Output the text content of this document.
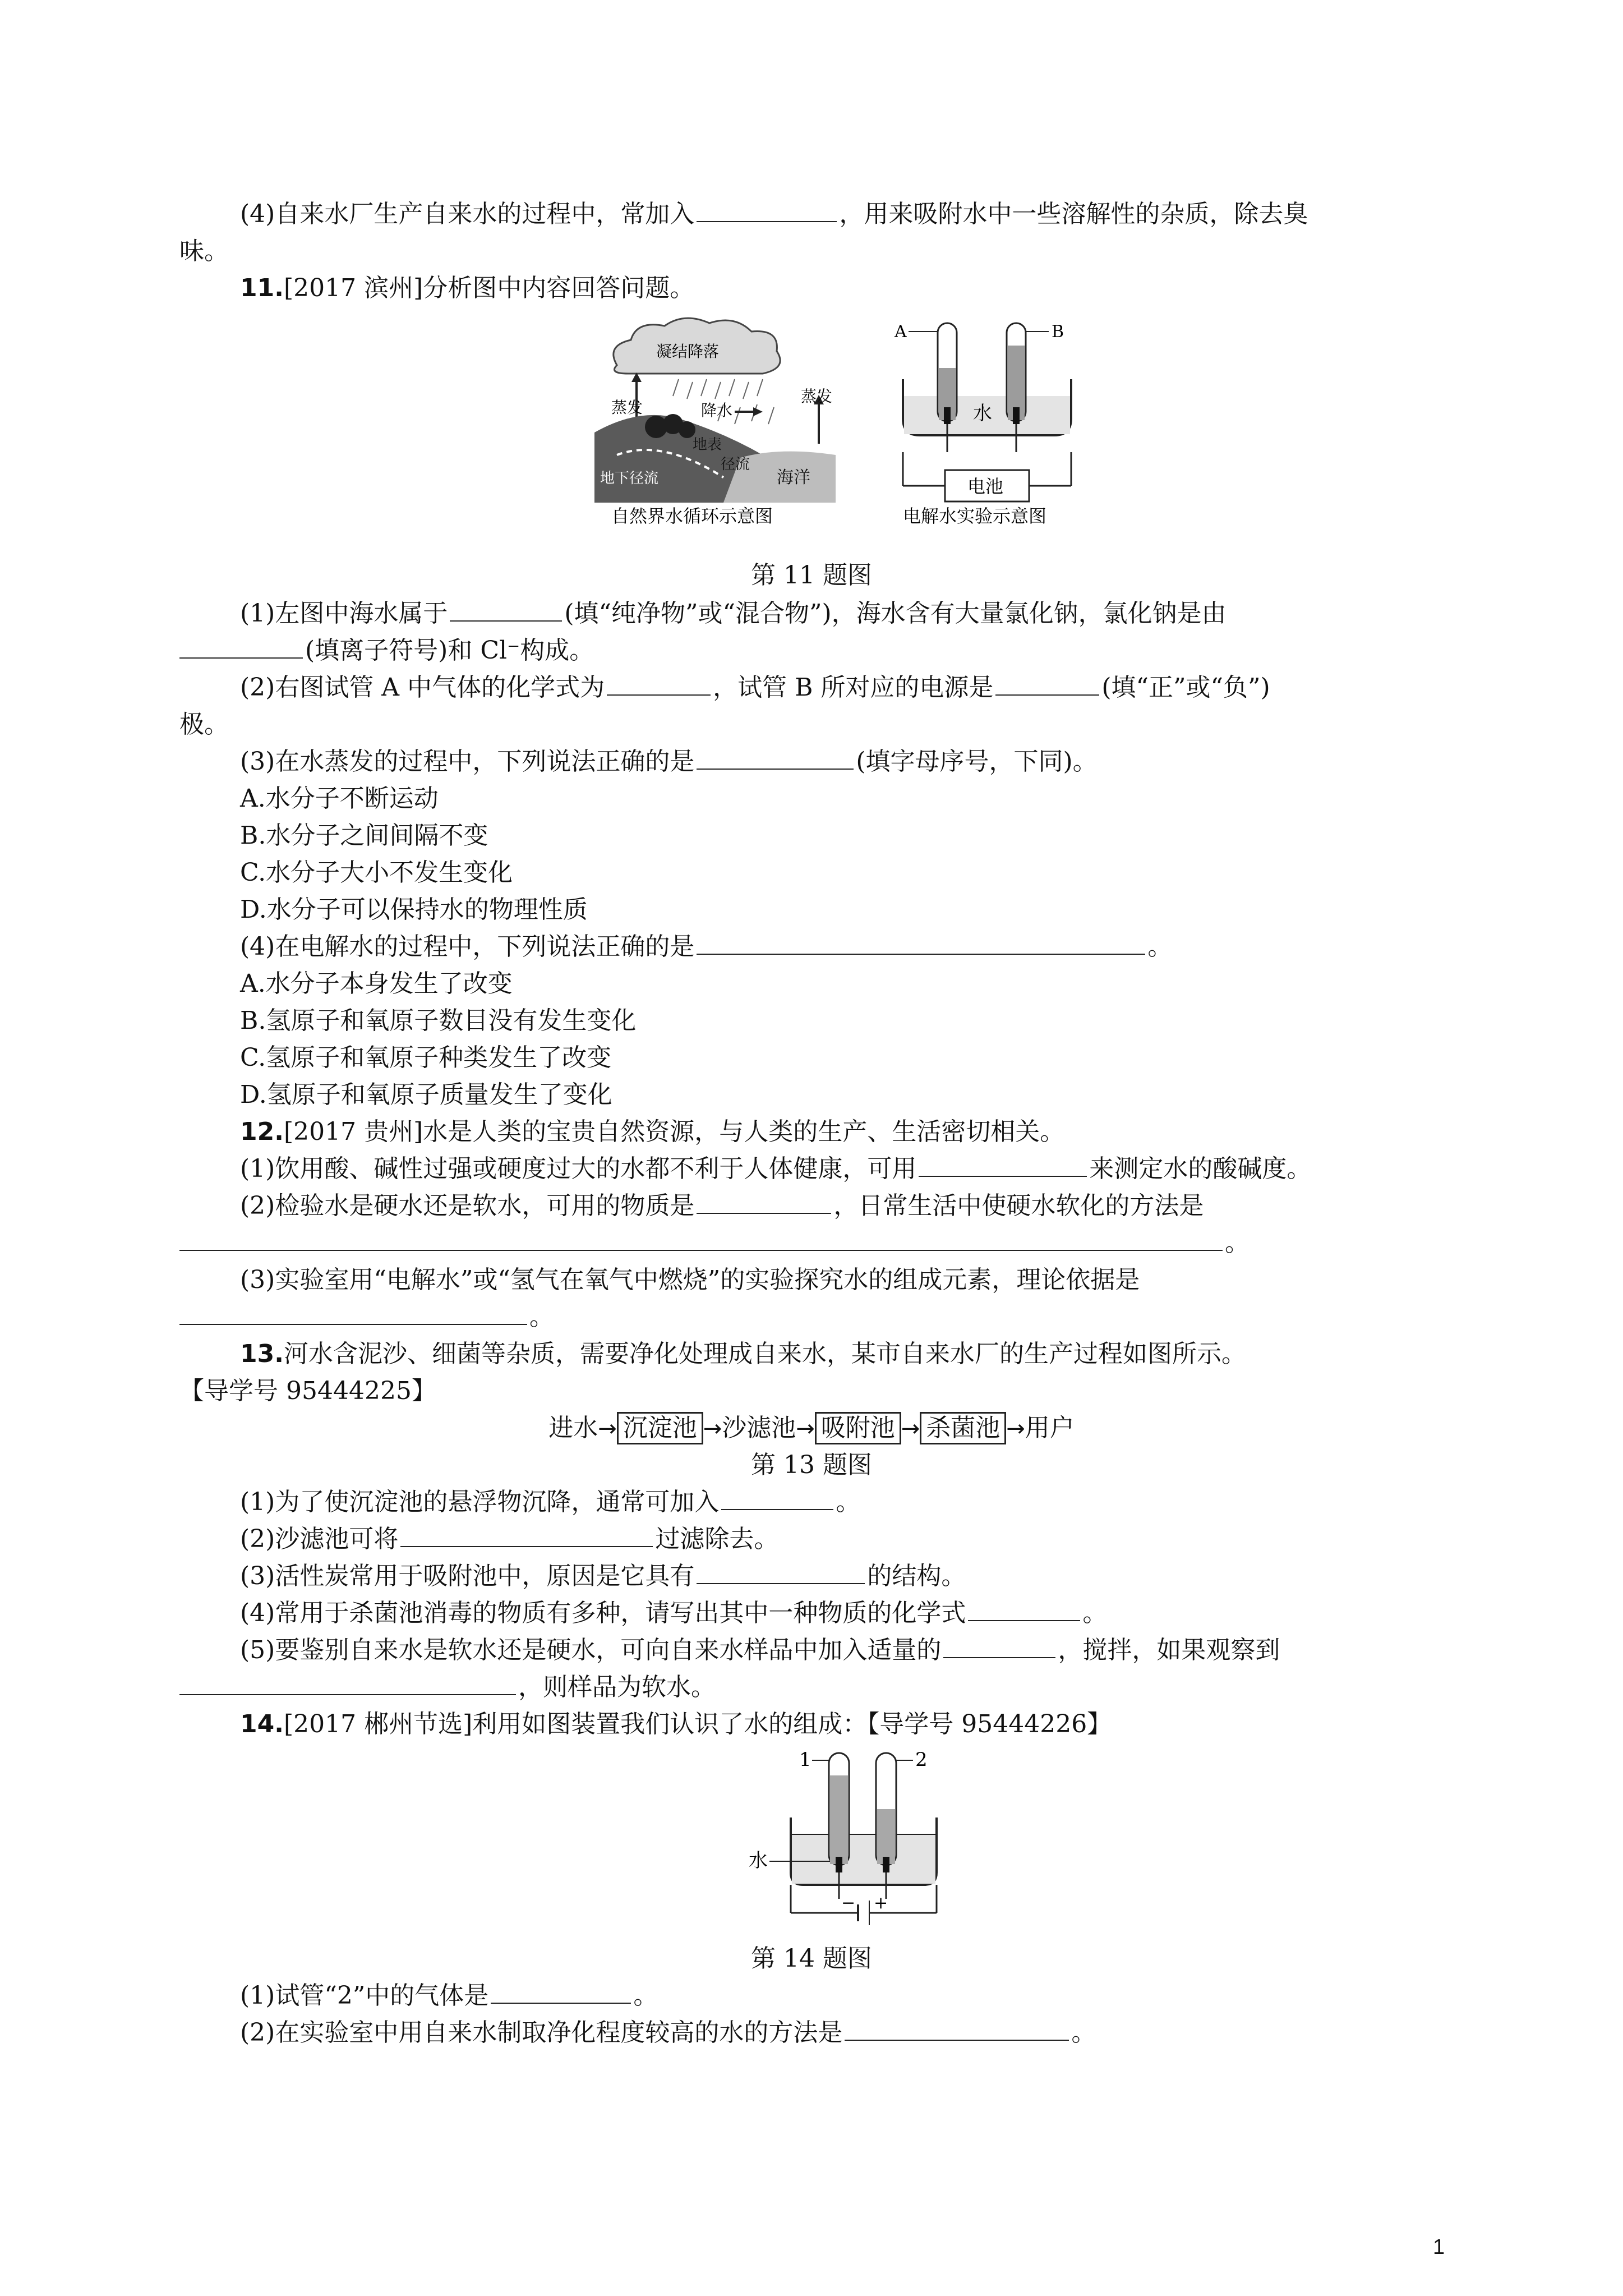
(4)自来水厂生产自来水的过程中，常加入	，用来吸附水中一些溶解性的杂质，除去臭
味。
11.[2017 滨州]分析图中内容回答问题。
凝结降落
蒸发	降水
蒸发
地表
径流
地下径流	海洋
自然界水循环示意图
A	B
水
电池
电解水实验示意图
第 11 题图
(1)左图中海水属于	(填“纯净物”或“混合物”)，海水含有大量氯化钠，氯化钠是由
(填离子符号)和 Cl⁻构成。
(2)右图试管 A 中气体的化学式为	，试管 B 所对应的电源是	(填“正”或“负”)
极。
(3)在水蒸发的过程中，下列说法正确的是	(填字母序号，下同)。
A.水分子不断运动
B.水分子之间间隔不变
C.水分子大小不发生变化
D.水分子可以保持水的物理性质
(4)在电解水的过程中，下列说法正确的是	。
A.水分子本身发生了改变
B.氢原子和氧原子数目没有发生变化
C.氢原子和氧原子种类发生了改变
D.氢原子和氧原子质量发生了变化
12.[2017 贵州]水是人类的宝贵自然资源，与人类的生产、生活密切相关。
(1)饮用酸、碱性过强或硬度过大的水都不利于人体健康，可用	来测定水的酸碱度。
(2)检验水是硬水还是软水，可用的物质是	，日常生活中使硬水软化的方法是
。
(3)实验室用“电解水”或“氢气在氧气中燃烧”的实验探究水的组成元素，理论依据是
。
13.河水含泥沙、细菌等杂质，需要净化处理成自来水，某市自来水厂的生产过程如图所示。
【导学号 95444225】
进水→ 沉淀池 →沙滤池→ 吸附池 → 杀菌池 →用户
第 13 题图
(1)为了使沉淀池的悬浮物沉降，通常可加入	。
(2)沙滤池可将	过滤除去。
(3)活性炭常用于吸附池中，原因是它具有	的结构。
(4)常用于杀菌池消毒的物质有多种，请写出其中一种物质的化学式	。
(5)要鉴别自来水是软水还是硬水，可向自来水样品中加入适量的	，搅拌，如果观察到
，则样品为软水。
14.[2017 郴州节选]利用如图装置我们认识了水的组成：【导学号 95444226】
1	2
水
− +
第 14 题图
(1)试管“2”中的气体是	。
(2)在实验室中用自来水制取净化程度较高的水的方法是	。
1
